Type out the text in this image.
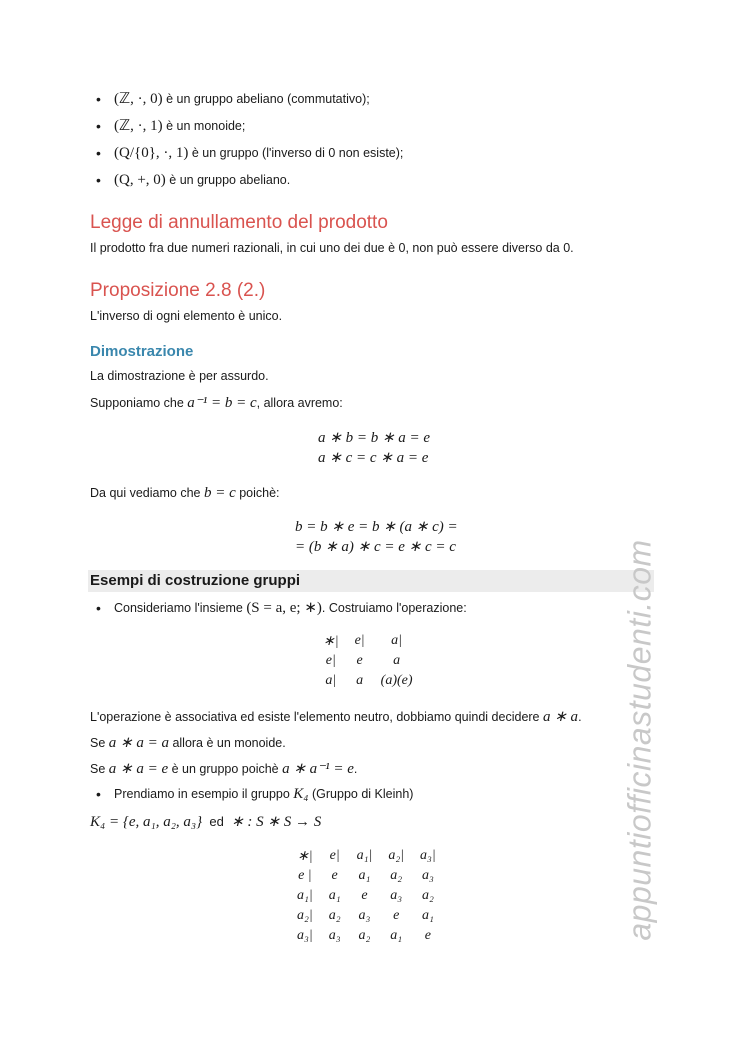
• (ℤ, ·, 0) è un gruppo abeliano (commutativo);
• (ℤ, ·, 1) è un monoide;
• (Q/{0}, ·, 1) è un gruppo (l'inverso di 0 non esiste);
• (Q, +, 0) è un gruppo abeliano.
Legge di annullamento del prodotto

Il prodotto fra due numeri razionali, in cui uno dei due è 0, non può essere diverso da 0.

Proposizione 2.8 (2.)

L'inverso di ogni elemento è unico.

Dimostrazione

La dimostrazione è per assurdo.

Supponiamo che a⁻¹ = b = c, allora avremo:

a ∗ b = b ∗ a = e
a ∗ c = c ∗ a = e

Da qui vediamo che b = c poichè:

b = b ∗ e = b ∗ (a ∗ c) =
= (b ∗ a) ∗ c = e ∗ c = c
Esempi di costruzione gruppi
• Consideriamo l'insieme (S = a, e; ∗). Costruiamo l'operazione:
∗|	e|	a|
e|	e	a
a|	a	(a)(e)

L'operazione è associativa ed esiste l'elemento neutro, dobbiamo quindi decidere a ∗ a.

Se a ∗ a = a allora è un monoide.

Se a ∗ a = e è un gruppo poichè a ∗ a⁻¹ = e.

• Prendiamo in esempio il gruppo K₄ (Gruppo di Kleinh)

K₄ = {e, a₁, a₂, a₃} ed ∗ : S ∗ S → S

∗|	e|	a₁|	a₂|	a₃|
e |	e	a₁	a₂	a₃
a₁|	a₁	e	a₃	a₂
a₂|	a₂	a₃	e	a₁
a₃|	a₃	a₂	a₁	e	appuntiofficinastudenti.com
